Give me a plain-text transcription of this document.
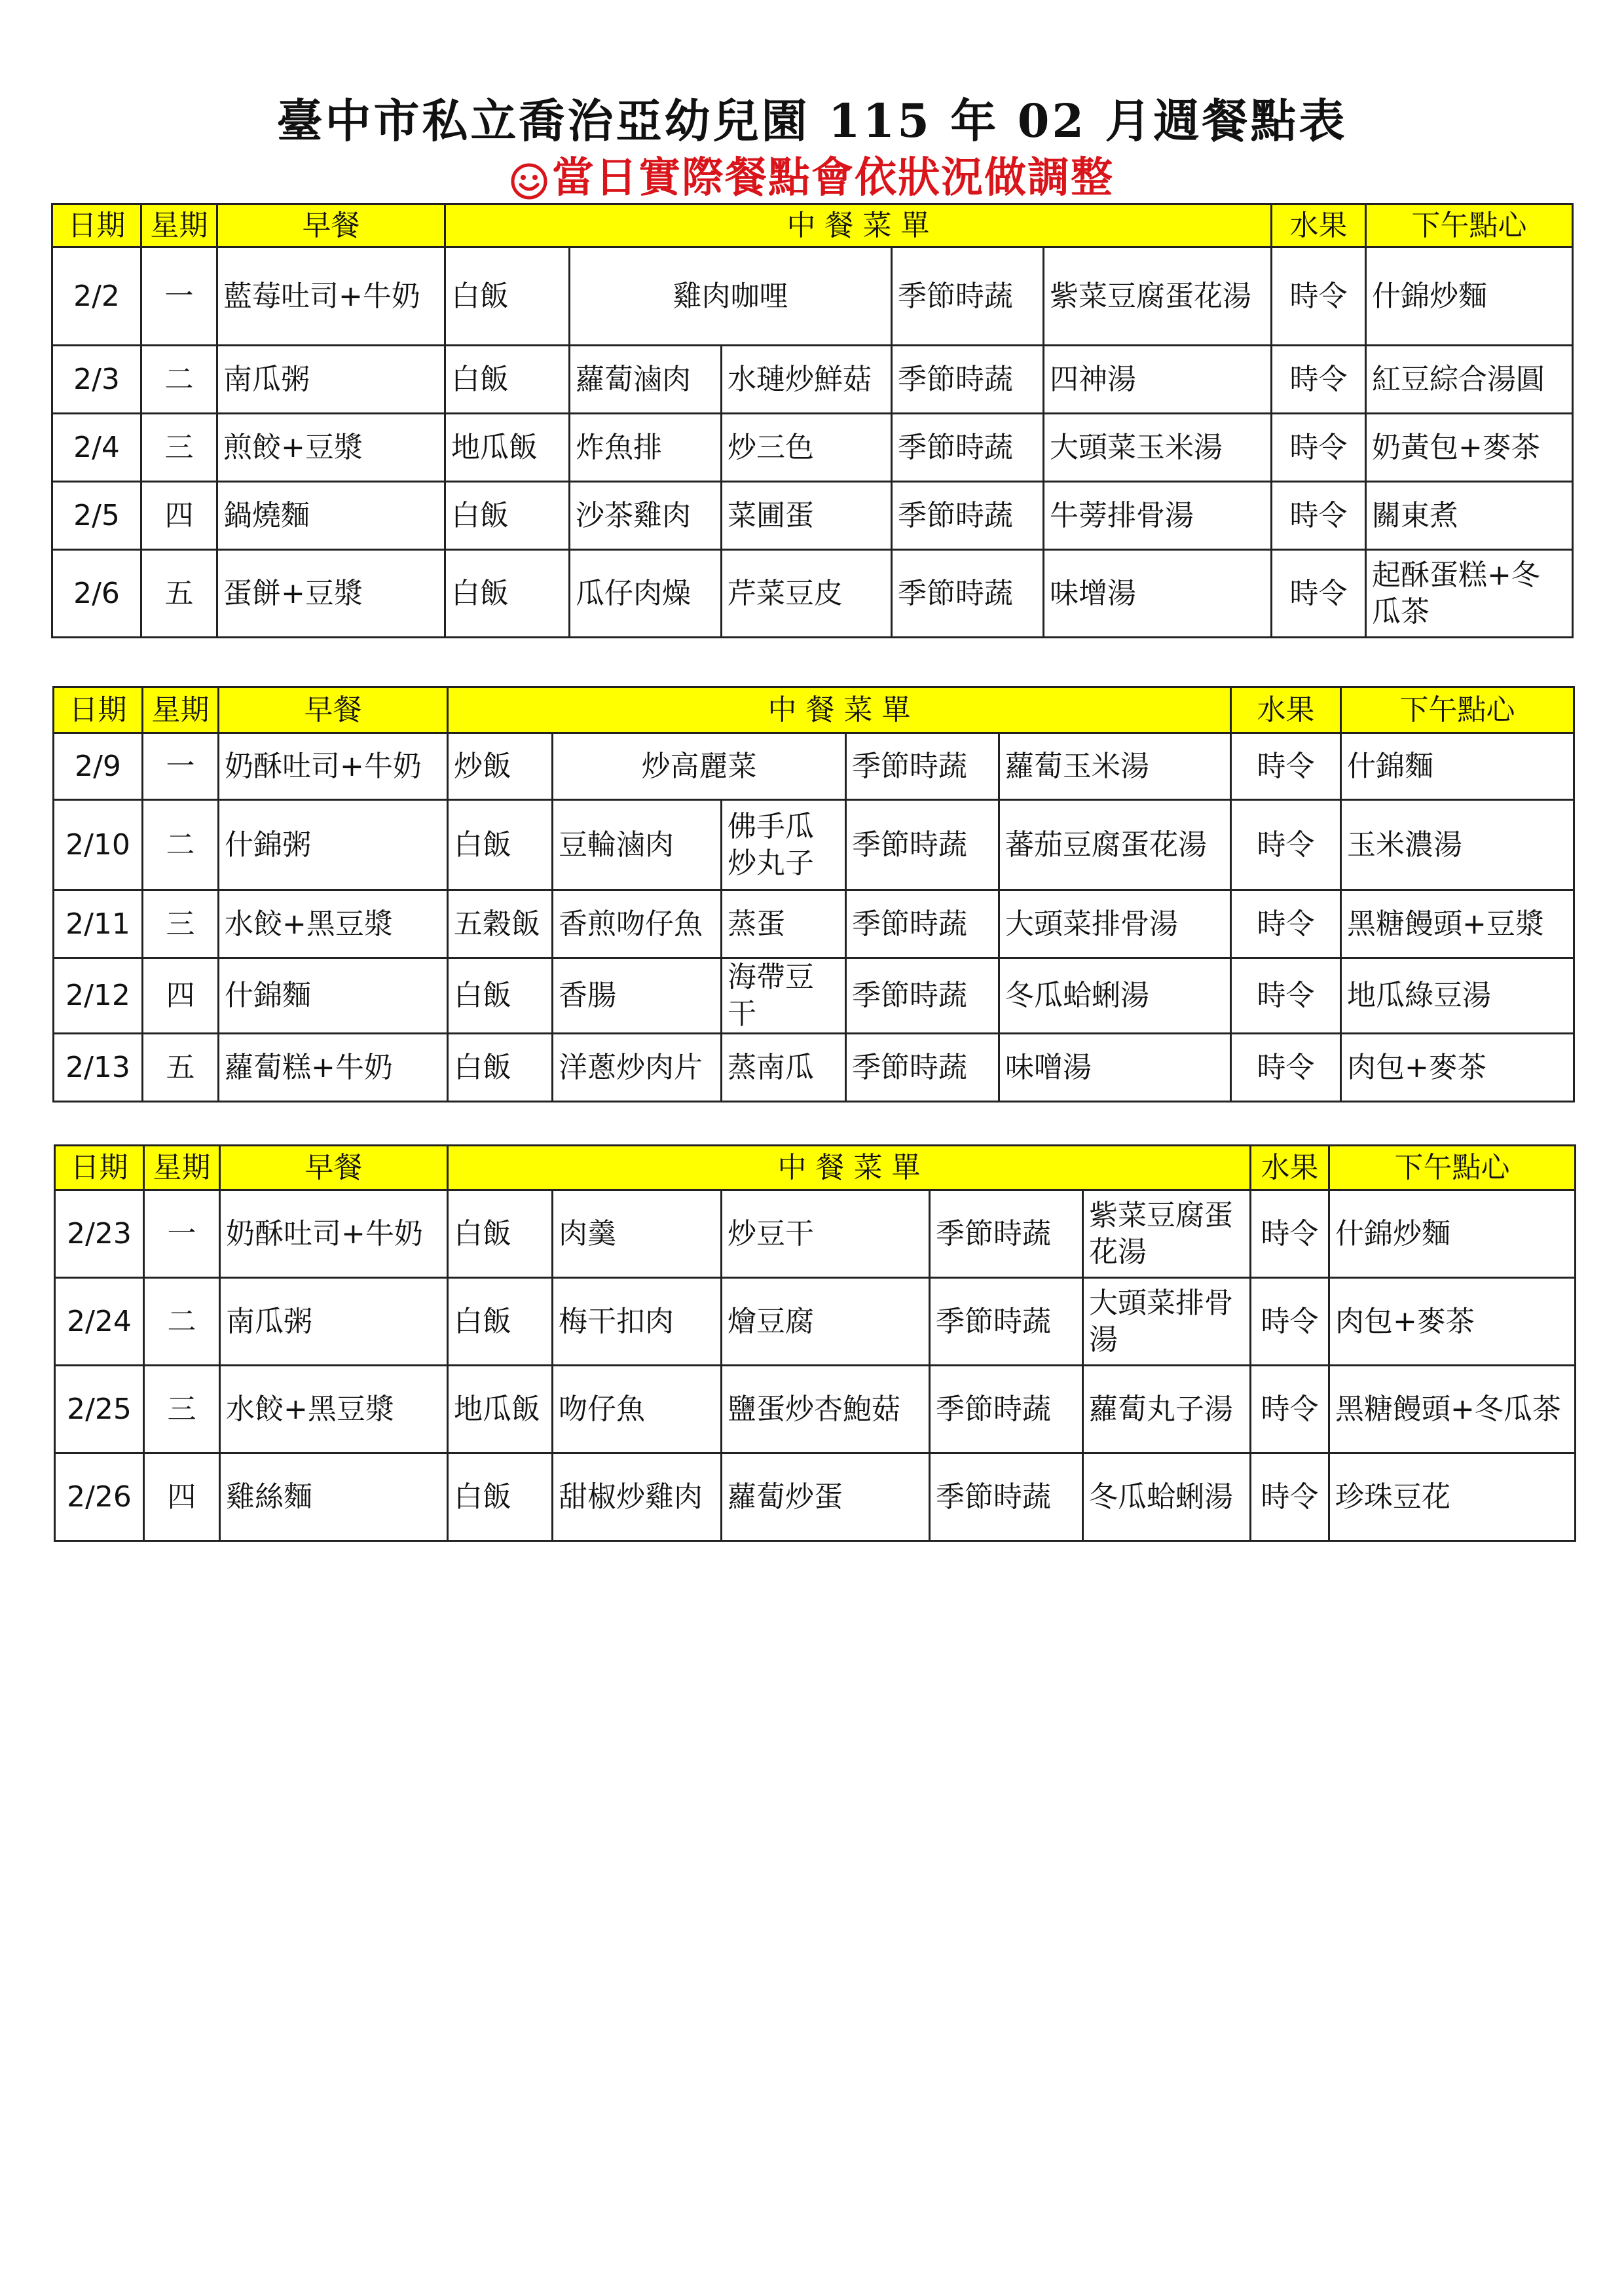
臺中市私立喬治亞幼兒園 115 年 02 月週餐點表
當日實際餐點會依狀況做調整
日期	星期	早餐	中 餐 菜 單					水果	下午點心
2/2	一	藍莓吐司+牛奶	白飯	雞肉咖哩		季節時蔬	紫菜豆腐蛋花湯	時令	什錦炒麵
2/3	二	南瓜粥	白飯	蘿蔔滷肉	水璉炒鮮菇	季節時蔬	四神湯	時令	紅豆綜合湯圓
2/4	三	煎餃+豆漿	地瓜飯	炸魚排	炒三色	季節時蔬	大頭菜玉米湯	時令	奶黃包+麥茶
2/5	四	鍋燒麵	白飯	沙茶雞肉	菜圃蛋	季節時蔬	牛蒡排骨湯	時令	關東煮
2/6	五	蛋餅+豆漿	白飯	瓜仔肉燥	芹菜豆皮	季節時蔬	味增湯	時令	起酥蛋糕+冬瓜茶
日期	星期	早餐	中 餐 菜 單					水果	下午點心
2/9	一	奶酥吐司+牛奶	炒飯	炒高麗菜		季節時蔬	蘿蔔玉米湯	時令	什錦麵
2/10	二	什錦粥	白飯	豆輪滷肉	佛手瓜炒丸子	季節時蔬	蕃茄豆腐蛋花湯	時令	玉米濃湯
2/11	三	水餃+黑豆漿	五穀飯	香煎吻仔魚	蒸蛋	季節時蔬	大頭菜排骨湯	時令	黑糖饅頭+豆漿
2/12	四	什錦麵	白飯	香腸	海帶豆干	季節時蔬	冬瓜蛤蜊湯	時令	地瓜綠豆湯
2/13	五	蘿蔔糕+牛奶	白飯	洋蔥炒肉片	蒸南瓜	季節時蔬	味噌湯	時令	肉包+麥茶
日期	星期	早餐	中 餐 菜 單					水果	下午點心
2/23	一	奶酥吐司+牛奶	白飯	肉羹	炒豆干	季節時蔬	紫菜豆腐蛋花湯	時令	什錦炒麵
2/24	二	南瓜粥	白飯	梅干扣肉	燴豆腐	季節時蔬	大頭菜排骨湯	時令	肉包+麥茶
2/25	三	水餃+黑豆漿	地瓜飯	吻仔魚	鹽蛋炒杏鮑菇	季節時蔬	蘿蔔丸子湯	時令	黑糖饅頭+冬瓜茶
2/26	四	雞絲麵	白飯	甜椒炒雞肉	蘿蔔炒蛋	季節時蔬	冬瓜蛤蜊湯	時令	珍珠豆花
